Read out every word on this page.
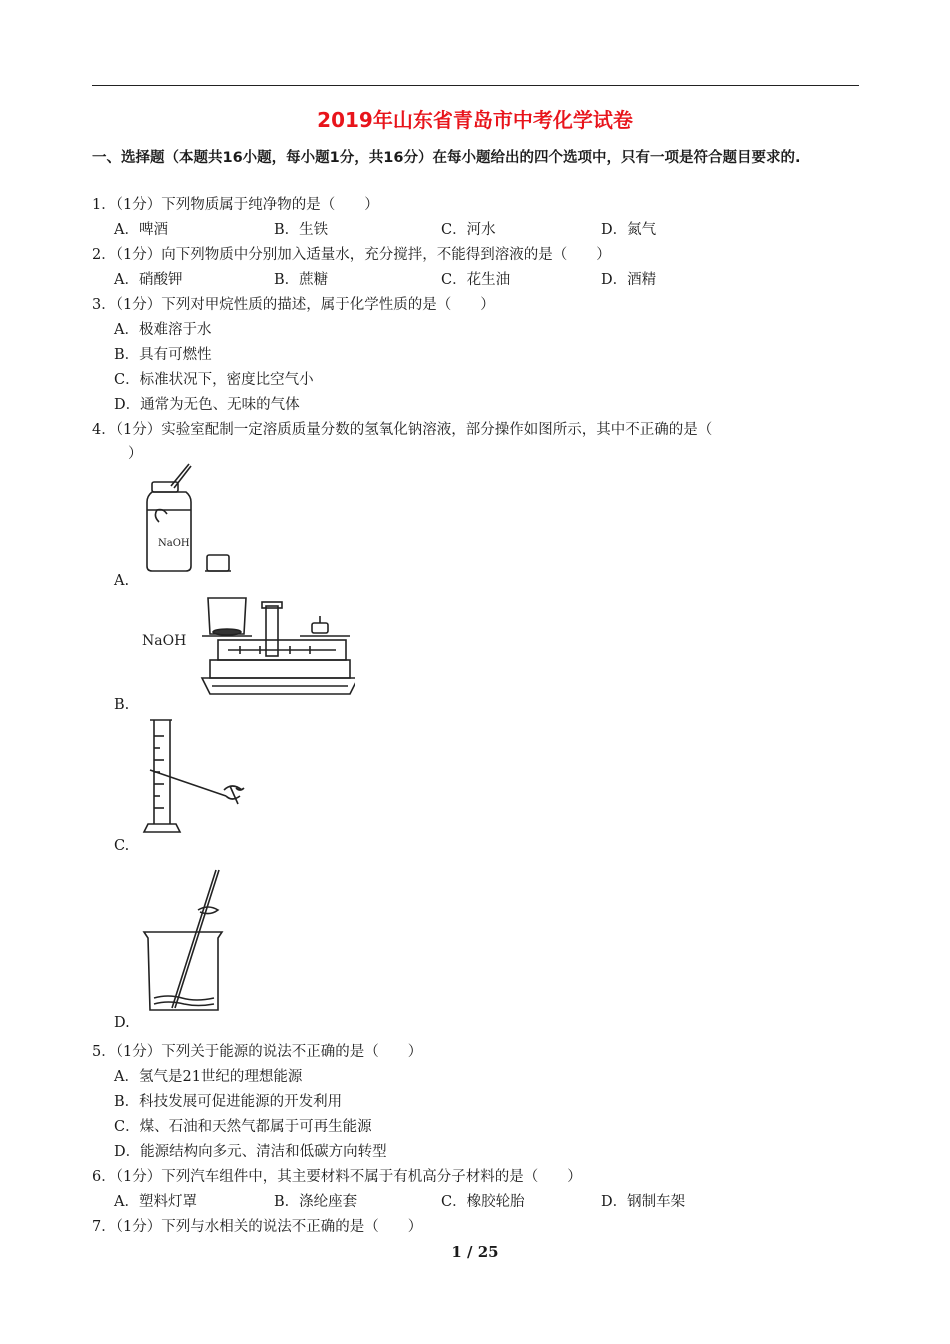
2019年山东省青岛市中考化学试卷
一、选择题（本题共16小题，每小题1分，共16分）在每小题给出的四个选项中，只有一项是符合题目要求的.
1．（1分）下列物质属于纯净物的是（　　）
A．啤酒	B．生铁	C．河水	D．氮气
2．（1分）向下列物质中分别加入适量水，充分搅拌，不能得到溶液的是（　　）
A．硝酸钾	B．蔗糖	C．花生油	D．酒精
3．（1分）下列对甲烷性质的描述，属于化学性质的是（　　）
A．极难溶于水
B．具有可燃性
C．标准状况下，密度比空气小
D．通常为无色、无味的气体
4．（1分）实验室配制一定溶质质量分数的氢氧化钠溶液，部分操作如图所示，其中不正确的是（
）
NaOH
A.
NaOH
B.
C.
D.
5．（1分）下列关于能源的说法不正确的是（　　）
A．氢气是21世纪的理想能源
B．科技发展可促进能源的开发利用
C．煤、石油和天然气都属于可再生能源
D．能源结构向多元、清洁和低碳方向转型
6．（1分）下列汽车组件中，其主要材料不属于有机高分子材料的是（　　）
A．塑料灯罩	B．涤纶座套	C．橡胶轮胎	D．钢制车架
7．（1分）下列与水相关的说法不正确的是（　　）
1 / 25
